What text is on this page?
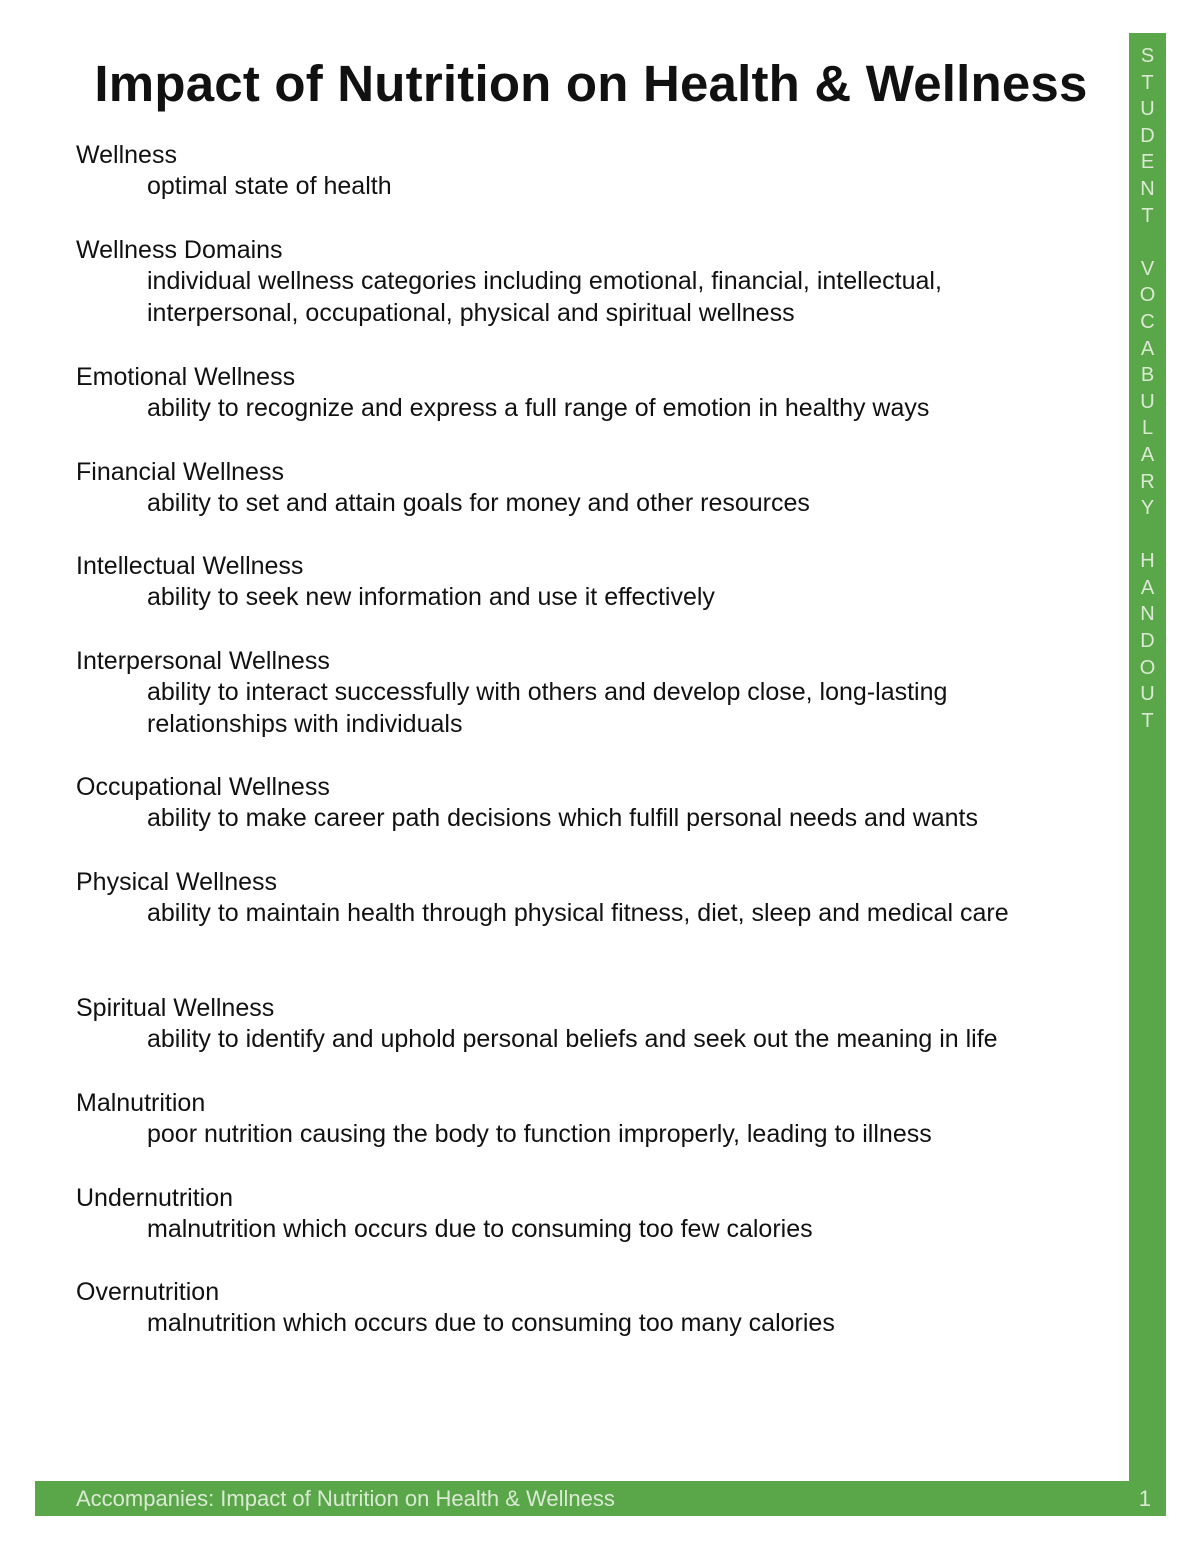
Impact of Nutrition on Health & Wellness
Wellness
optimal state of health
Wellness Domains
individual wellness categories including emotional, financial, intellectual, interpersonal, occupational, physical and spiritual wellness
Emotional Wellness
ability to recognize and express a full range of emotion in healthy ways
Financial Wellness
ability to set and attain goals for money and other resources
Intellectual Wellness
ability to seek new information and use it effectively
Interpersonal Wellness
ability to interact successfully with others and develop close, long-lasting relationships with individuals
Occupational Wellness
ability to make career path decisions which fulfill personal needs and wants
Physical Wellness
ability to maintain health through physical fitness, diet, sleep and medical care
Spiritual Wellness
ability to identify and uphold personal beliefs and seek out the meaning in life
Malnutrition
poor nutrition causing the body to function improperly, leading to illness
Undernutrition
malnutrition which occurs due to consuming too few calories
Overnutrition
malnutrition which occurs due to consuming too many calories
S
T
U
D
E
N
T

V
O
C
A
B
U
L
A
R
Y

H
A
N
D
O
U
T
Accompanies: Impact of Nutrition on Health & Wellness	1
